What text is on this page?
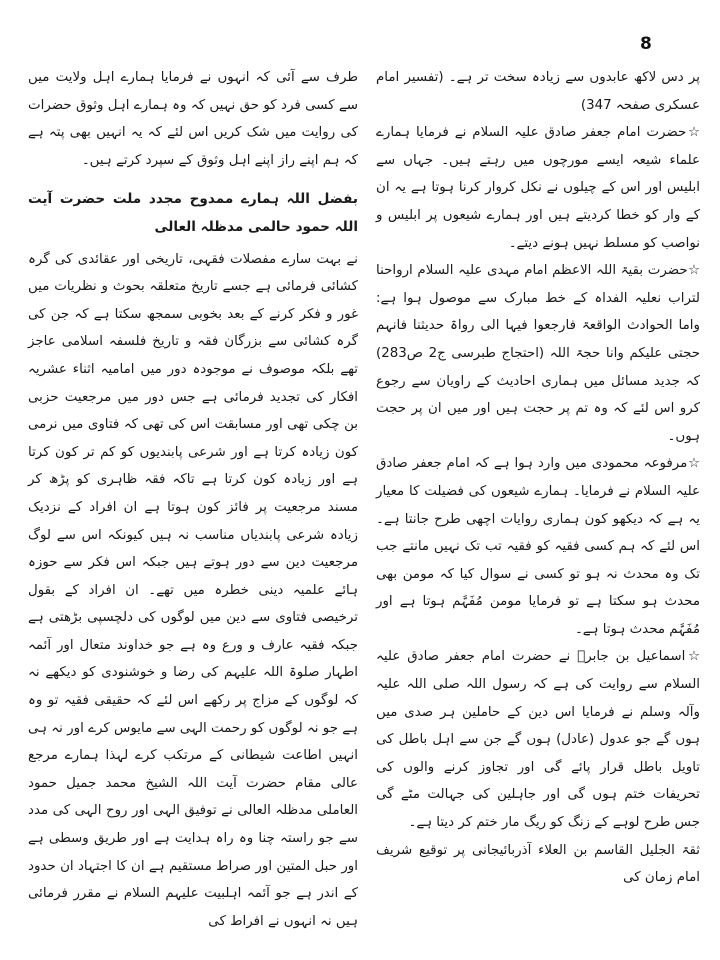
8

پر دس لاکھ عابدوں سے زیادہ سخت تر ہے۔ (تفسیر امام عسکری صفحہ 347)

☆حضرت امام جعفر صادق علیہ السلام نے فرمایا ہمارے علماء شیعہ ایسے مورچوں میں رہتے ہیں۔ جہاں سے ابلیس اور اس کے چیلوں نے نکل کروار کرنا ہوتا ہے یہ ان کے وار کو خطا کردیتے ہیں اور ہمارے شیعوں پر ابلیس و نواصب کو مسلط نہیں ہونے دیتے۔

☆حضرت بقیۃ اللہ الاعظم امام مہدی علیہ السلام ارواحنا لتراب نعلیہ الفداہ کے خط مبارک سے موصول ہوا ہے: واما الحوادث الواقعۃ فارجعوا فیہا الی رواۃ حدیثنا فانہم حجتی علیکم وانا حجۃ اللہ (احتجاج طبرسی ج2 ص283) کہ جدید مسائل میں ہماری احادیث کے راویان سے رجوع کرو اس لئے کہ وہ تم پر حجت ہیں اور میں ان پر حجت ہوں۔

☆مرفوعہ محمودی میں وارد ہوا ہے کہ امام جعفر صادق علیہ السلام نے فرمایا۔ ہمارے شیعوں کی فضیلت کا معیار یہ ہے کہ دیکھو کون ہماری روایات اچھی طرح جانتا ہے۔ اس لئے کہ ہم کسی فقیہ کو فقیہ تب تک نہیں مانتے جب تک وہ محدث نہ ہو تو کسی نے سوال کیا کہ مومن بھی محدث ہو سکتا ہے تو فرمایا مومن مُفَہَّم ہوتا ہے اور مُفَہَّم محدث ہوتا ہے۔

☆اسماعیل بن جابرؒ نے حضرت امام جعفر صادق علیہ السلام سے روایت کی ہے کہ رسول اللہ صلی اللہ علیہ وآلہ وسلم نے فرمایا اس دین کے حاملین ہر صدی میں ہوں گے جو عدول (عادل) ہوں گے جن سے اہل باطل کی تاویل باطل قرار پائے گی اور تجاوز کرنے والوں کی تحریفات ختم ہوں گی اور جاہلین کی جہالت مٹے گی جس طرح لوہے کے زنگ کو ریگ مار ختم کر دیتا ہے۔

ثقۃ الجلیل القاسم بن العلاء آذربائیجانی پر توقیع شریف امام زمان کی

طرف سے آئی کہ انہوں نے فرمایا ہمارے اہل ولایت میں سے کسی فرد کو حق نہیں کہ وہ ہمارے اہل وثوق حضرات کی روایت میں شک کریں اس لئے کہ یہ انہیں بھی پتہ ہے کہ ہم اپنے راز اپنے اہل وثوق کے سپرد کرتے ہیں۔

بفضل اللہ ہمارے ممدوح مجدد ملت حضرت آیت اللہ حمود حالمی مدظلہ العالی

نے بہت سارے مفصلات فقہی، تاریخی اور عقائدی کی گرہ کشائی فرمائی ہے جسے تاریخ متعلقہ بحوث و نظریات میں غور و فکر کرنے کے بعد بخوبی سمجھ سکتا ہے کہ جن کی گرہ کشائی سے بزرگان فقہ و تاریخ فلسفہ اسلامی عاجز تھے بلکہ موصوف نے موجودہ دور میں امامیہ اثناء عشریہ افکار کی تجدید فرمائی ہے جس دور میں مرجعیت حزبی بن چکی تھی اور مسابقت اس کی تھی کہ فتاوی میں نرمی کون زیادہ کرتا ہے اور شرعی پابندیوں کو کم تر کون کرتا ہے اور زیادہ کون کرتا ہے تاکہ فقہ ظاہری کو پڑھ کر مسند مرجعیت پر فائز کون ہوتا ہے ان افراد کے نزدیک زیادہ شرعی پابندیاں مناسب نہ ہیں کیونکہ اس سے لوگ مرجعیت دین سے دور ہوتے ہیں جبکہ اس فکر سے حوزہ ہائے علمیہ دینی خطرہ میں تھے۔ ان افراد کے بقول ترخیصی فتاوی سے دین میں لوگوں کی دلچسپی بڑھتی ہے جبکہ فقیہ عارف و ورع وہ ہے جو خداوند متعال اور آئمہ اطہار صلوۃ اللہ علیہم کی رضا و خوشنودی کو دیکھے نہ کہ لوگوں کے مزاج پر رکھے اس لئے کہ حقیقی فقیہ تو وہ ہے جو نہ لوگوں کو رحمت الہی سے مایوس کرے اور نہ ہی انہیں اطاعت شیطانی کے مرتکب کرے لہذا ہمارے مرجع عالی مقام حضرت آیت اللہ الشیخ محمد جمیل حمود العاملی مدظلہ العالی نے توفیق الہی اور روح الہی کی مدد سے جو راستہ چنا وہ راہ ہدایت ہے اور طریق وسطی ہے اور حبل المتین اور صراط مستقیم ہے ان کا اجتہاد ان حدود کے اندر ہے جو آئمہ اہلبیت علیہم السلام نے مقرر فرمائی ہیں نہ انہوں نے افراط کی
